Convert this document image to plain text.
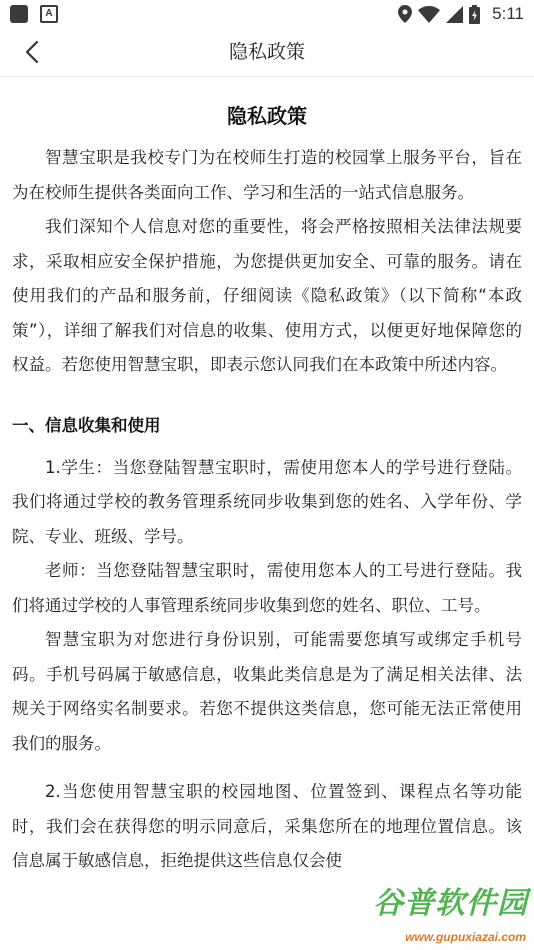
A	5:11
隐私政策
隐私政策

智慧宝职是我校专门为在校师生打造的校园掌上服务平台，旨在为在校师生提供各类面向工作、学习和生活的一站式信息服务。

我们深知个人信息对您的重要性，将会严格按照相关法律法规要求，采取相应安全保护措施，为您提供更加安全、可靠的服务。请在使用我们的产品和服务前，仔细阅读《隐私政策》（以下简称“本政策”），详细了解我们对信息的收集、使用方式，以便更好地保障您的权益。若您使用智慧宝职，即表示您认同我们在本政策中所述内容。

一、信息收集和使用

1.学生：当您登陆智慧宝职时，需使用您本人的学号进行登陆。我们将通过学校的教务管理系统同步收集到您的姓名、入学年份、学院、专业、班级、学号。

老师：当您登陆智慧宝职时，需使用您本人的工号进行登陆。我们将通过学校的人事管理系统同步收集到您的姓名、职位、工号。

智慧宝职为对您进行身份识别，可能需要您填写或绑定手机号码。手机号码属于敏感信息，收集此类信息是为了满足相关法律、法规关于网络实名制要求。若您不提供这类信息，您可能无法正常使用我们的服务。

2.当您使用智慧宝职的校园地图、位置签到、课程点名等功能时，我们会在获得您的明示同意后，采集您所在的地理位置信息。该信息属于敏感信息，拒绝提供这些信息仅会使

谷普软件园
www.gupuxiazai.com
